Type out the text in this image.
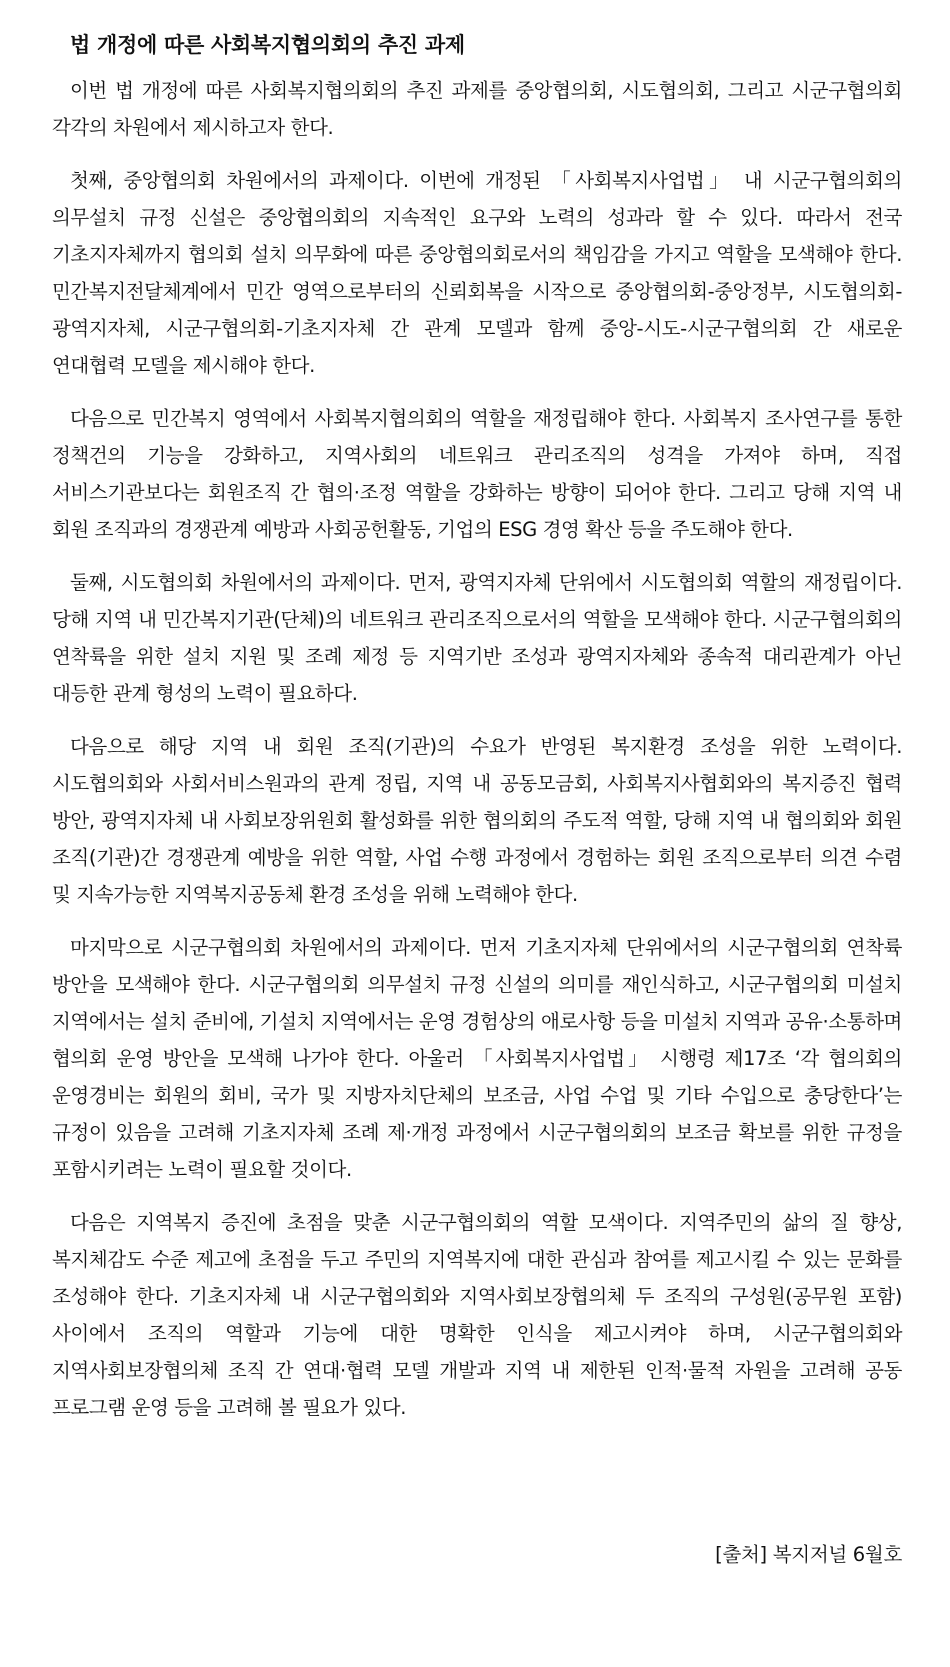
법 개정에 따른 사회복지협의회의 추진 과제

이번 법 개정에 따른 사회복지협의회의 추진 과제를 중앙협의회, 시도협의회, 그리고 시군구협의회 각각의 차원에서 제시하고자 한다.

첫째, 중앙협의회 차원에서의 과제이다. 이번에 개정된 「사회복지사업법」 내 시군구협의회의 의무설치 규정 신설은 중앙협의회의 지속적인 요구와 노력의 성과라 할 수 있다. 따라서 전국 기초지자체까지 협의회 설치 의무화에 따른 중앙협의회로서의 책임감을 가지고 역할을 모색해야 한다. 민간복지전달체계에서 민간 영역으로부터의 신뢰회복을 시작으로 중앙협의회-중앙정부, 시도협의회-광역지자체, 시군구협의회-기초지자체 간 관계 모델과 함께 중앙-시도-시군구협의회 간 새로운 연대협력 모델을 제시해야 한다.

다음으로 민간복지 영역에서 사회복지협의회의 역할을 재정립해야 한다. 사회복지 조사연구를 통한 정책건의 기능을 강화하고, 지역사회의 네트워크 관리조직의 성격을 가져야 하며, 직접 서비스기관보다는 회원조직 간 협의·조정 역할을 강화하는 방향이 되어야 한다. 그리고 당해 지역 내 회원 조직과의 경쟁관계 예방과 사회공헌활동, 기업의 ESG 경영 확산 등을 주도해야 한다.

둘째, 시도협의회 차원에서의 과제이다. 먼저, 광역지자체 단위에서 시도협의회 역할의 재정립이다. 당해 지역 내 민간복지기관(단체)의 네트워크 관리조직으로서의 역할을 모색해야 한다. 시군구협의회의 연착륙을 위한 설치 지원 및 조례 제정 등 지역기반 조성과 광역지자체와 종속적 대리관계가 아닌 대등한 관계 형성의 노력이 필요하다.

다음으로 해당 지역 내 회원 조직(기관)의 수요가 반영된 복지환경 조성을 위한 노력이다. 시도협의회와 사회서비스원과의 관계 정립, 지역 내 공동모금회, 사회복지사협회와의 복지증진 협력 방안, 광역지자체 내 사회보장위원회 활성화를 위한 협의회의 주도적 역할, 당해 지역 내 협의회와 회원 조직(기관)간 경쟁관계 예방을 위한 역할, 사업 수행 과정에서 경험하는 회원 조직으로부터 의견 수렴 및 지속가능한 지역복지공동체 환경 조성을 위해 노력해야 한다.

마지막으로 시군구협의회 차원에서의 과제이다. 먼저 기초지자체 단위에서의 시군구협의회 연착륙 방안을 모색해야 한다. 시군구협의회 의무설치 규정 신설의 의미를 재인식하고, 시군구협의회 미설치 지역에서는 설치 준비에, 기설치 지역에서는 운영 경험상의 애로사항 등을 미설치 지역과 공유·소통하며 협의회 운영 방안을 모색해 나가야 한다. 아울러 「사회복지사업법」 시행령 제17조 ‘각 협의회의 운영경비는 회원의 회비, 국가 및 지방자치단체의 보조금, 사업 수업 및 기타 수입으로 충당한다’는 규정이 있음을 고려해 기초지자체 조례 제·개정 과정에서 시군구협의회의 보조금 확보를 위한 규정을 포함시키려는 노력이 필요할 것이다.

다음은 지역복지 증진에 초점을 맞춘 시군구협의회의 역할 모색이다. 지역주민의 삶의 질 향상, 복지체감도 수준 제고에 초점을 두고 주민의 지역복지에 대한 관심과 참여를 제고시킬 수 있는 문화를 조성해야 한다. 기초지자체 내 시군구협의회와 지역사회보장협의체 두 조직의 구성원(공무원 포함) 사이에서 조직의 역할과 기능에 대한 명확한 인식을 제고시켜야 하며, 시군구협의회와 지역사회보장협의체 조직 간 연대·협력 모델 개발과 지역 내 제한된 인적·물적 자원을 고려해 공동 프로그램 운영 등을 고려해 볼 필요가 있다.

[출처] 복지저널 6월호
